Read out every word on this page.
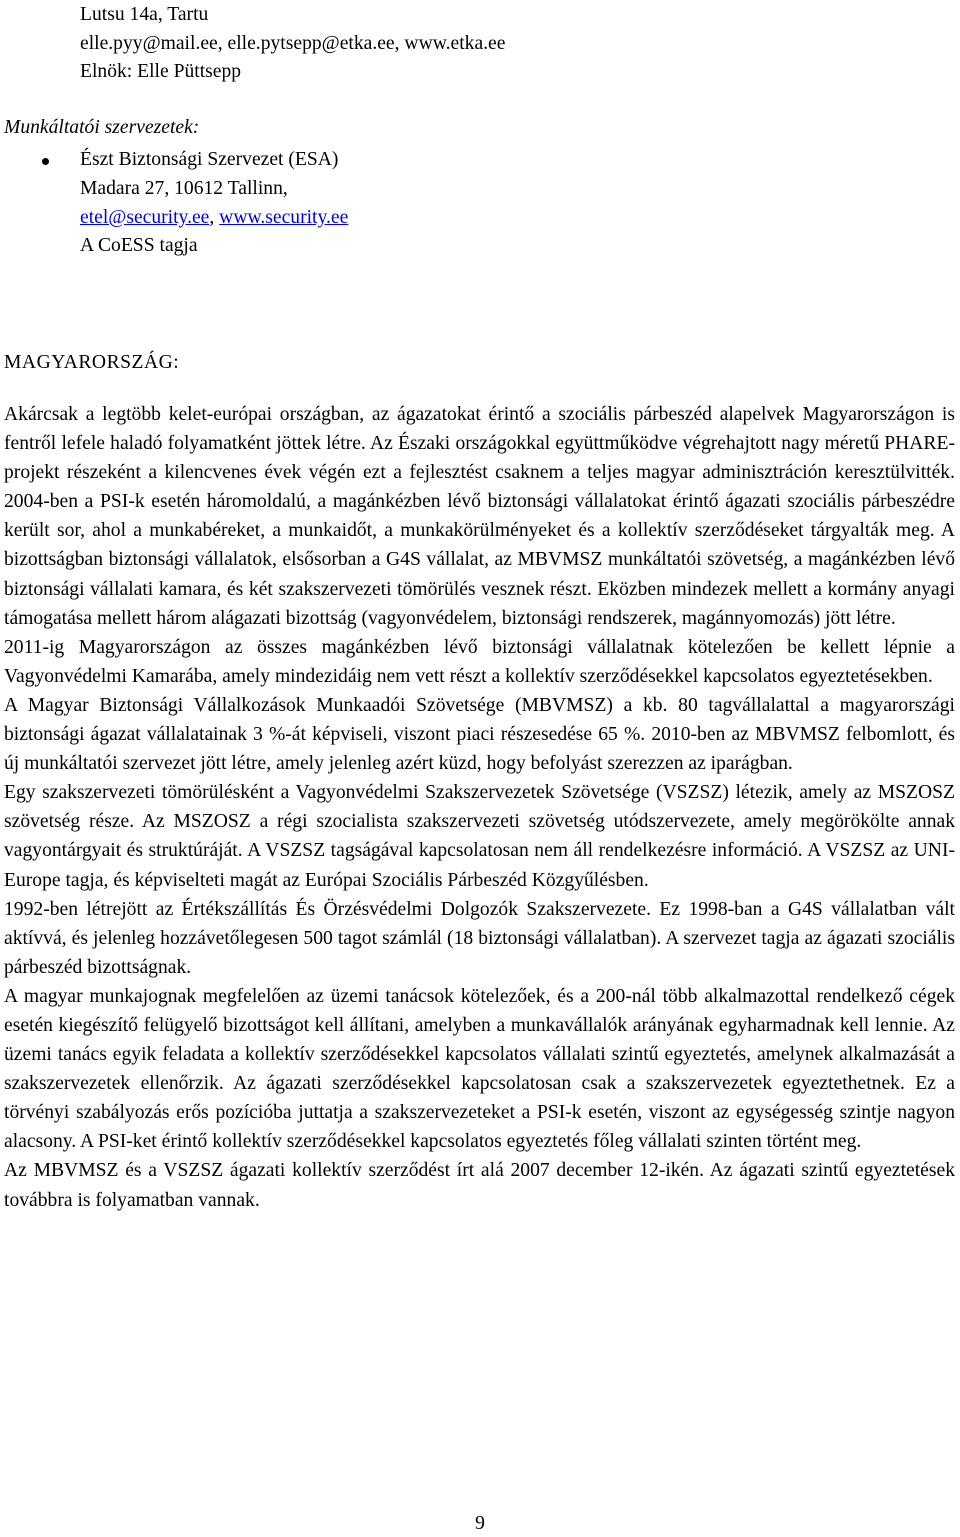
Lutsu 14a, Tartu
elle.pyy@mail.ee, elle.pytsepp@etka.ee, www.etka.ee
Elnök: Elle Püttsepp
Munkáltatói szervezetek:
Észt Biztonsági Szervezet (ESA)
Madara 27, 10612 Tallinn,
etel@security.ee, www.security.ee
A CoESS tagja
MAGYARORSZÁG:

Akárcsak a legtöbb kelet-európai országban, az ágazatokat érintő a szociális párbeszéd alapelvek Magyarországon is fentről lefele haladó folyamatként jöttek létre. Az Északi országokkal együttműködve végrehajtott nagy méretű PHARE-projekt részeként a kilencvenes évek végén ezt a fejlesztést csaknem a teljes magyar adminisztráción keresztülvitték. 2004-ben a PSI-k esetén háromoldalú, a magánkézben lévő biztonsági vállalatokat érintő ágazati szociális párbeszédre került sor, ahol a munkabéreket, a munkaidőt, a munkakörülményeket és a kollektív szerződéseket tárgyalták meg. A bizottságban biztonsági vállalatok, elsősorban a G4S vállalat, az MBVMSZ munkáltatói szövetség, a magánkézben lévő biztonsági vállalati kamara, és két szakszervezeti tömörülés vesznek részt. Eközben mindezek mellett a kormány anyagi támogatása mellett három alágazati bizottság (vagyonvédelem, biztonsági rendszerek, magánnyomozás) jött létre.

2011-ig Magyarországon az összes magánkézben lévő biztonsági vállalatnak kötelezően be kellett lépnie a Vagyonvédelmi Kamarába, amely mindezidáig nem vett részt a kollektív szerződésekkel kapcsolatos egyeztetésekben.

A Magyar Biztonsági Vállalkozások Munkaadói Szövetsége (MBVMSZ) a kb. 80 tagvállalattal a magyarországi biztonsági ágazat vállalatainak 3 %-át képviseli, viszont piaci részesedése 65 %. 2010-ben az MBVMSZ felbomlott, és új munkáltatói szervezet jött létre, amely jelenleg azért küzd, hogy befolyást szerezzen az iparágban.

Egy szakszervezeti tömörülésként a Vagyonvédelmi Szakszervezetek Szövetsége (VSZSZ) létezik, amely az MSZOSZ szövetség része. Az MSZOSZ a régi szocialista szakszervezeti szövetség utódszervezete, amely megörökölte annak vagyontárgyait és struktúráját. A VSZSZ tagságával kapcsolatosan nem áll rendelkezésre információ. A VSZSZ az UNI-Europe tagja, és képviselteti magát az Európai Szociális Párbeszéd Közgyűlésben.

1992-ben létrejött az Értékszállítás És Örzésvédelmi Dolgozók Szakszervezete. Ez 1998-ban a G4S vállalatban vált aktívvá, és jelenleg hozzávetőlegesen 500 tagot számlál (18 biztonsági vállalatban). A szervezet tagja az ágazati szociális párbeszéd bizottságnak.

A magyar munkajognak megfelelően az üzemi tanácsok kötelezőek, és a 200-nál több alkalmazottal rendelkező cégek esetén kiegészítő felügyelő bizottságot kell állítani, amelyben a munkavállalók arányának egyharmadnak kell lennie. Az üzemi tanács egyik feladata a kollektív szerződésekkel kapcsolatos vállalati szintű egyeztetés, amelynek alkalmazását a szakszervezetek ellenőrzik. Az ágazati szerződésekkel kapcsolatosan csak a szakszervezetek egyeztethetnek. Ez a törvényi szabályozás erős pozícióba juttatja a szakszervezeteket a PSI-k esetén, viszont az egységesség szintje nagyon alacsony. A PSI-ket érintő kollektív szerződésekkel kapcsolatos egyeztetés főleg vállalati szinten történt meg.

Az MBVMSZ és a VSZSZ ágazati kollektív szerződést írt alá 2007 december 12-ikén. Az ágazati szintű egyeztetések továbbra is folyamatban vannak.

9
